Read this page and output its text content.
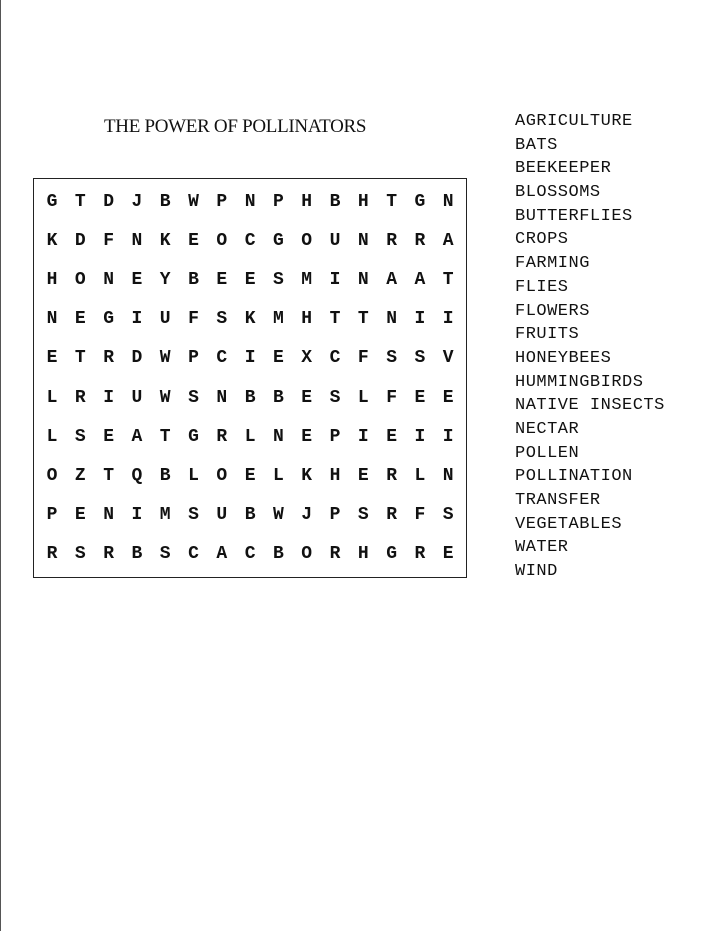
THE POWER OF POLLINATORS
G T D J B W P N P H B H T G N
K D F N K E O C G O U N R R A
H O N E Y B E E S M I N A A T
N E G I U F S K M H T T N I I
E T R D W P C I E X C F S S V
L R I U W S N B B E S L F E E
L S E A T G R L N E P I E I I
O Z T Q B L O E L K H E R L N
P E N I M S U B W J P S R F S
R S R B S C A C B O R H G R E
AGRICULTURE
BATS
BEEKEEPER
BLOSSOMS
BUTTERFLIES
CROPS
FARMING
FLIES
FLOWERS
FRUITS
HONEYBEES
HUMMINGBIRDS
NATIVE INSECTS
NECTAR
POLLEN
POLLINATION
TRANSFER
VEGETABLES
WATER
WIND
